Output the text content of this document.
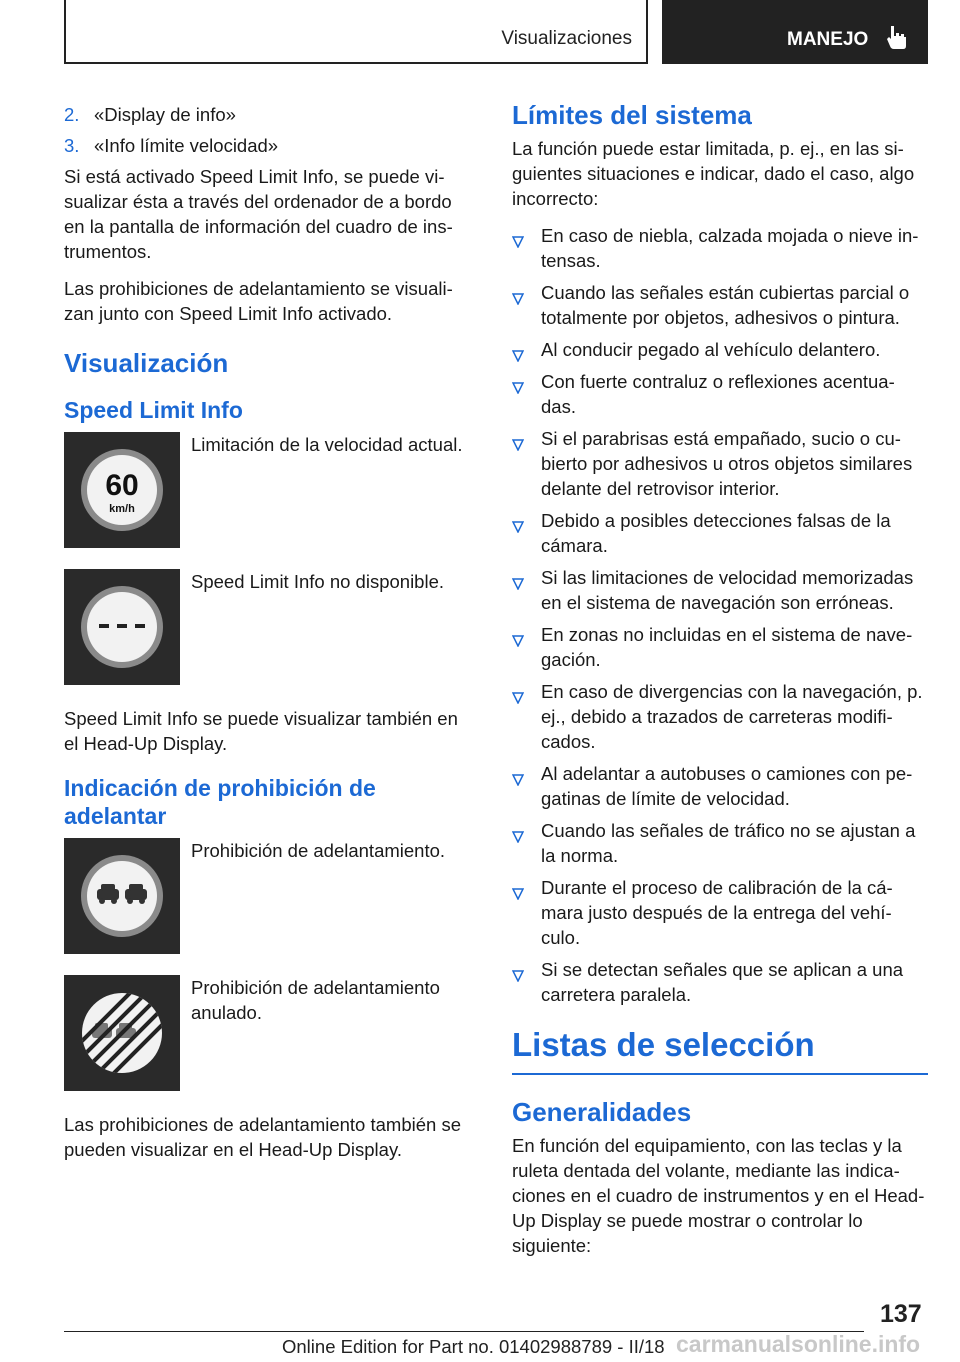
Visualizaciones	MANEJO
2. «Display de info»
3. «Info límite velocidad»

Si está activado Speed Limit Info, se puede vi-sualizar ésta a través del ordenador de a bordo en la pantalla de información del cuadro de ins-trumentos.

Las prohibiciones de adelantamiento se visuali-zan junto con Speed Limit Info activado.

Visualización
Speed Limit Info
60
km/h
Limitación de la velocidad actual.
Speed Limit Info no disponible.

Speed Limit Info se puede visualizar también en el Head-Up Display.

Indicación de prohibición de adelantar
Prohibición de adelantamiento.
Prohibición de adelantamiento anulado.

Las prohibiciones de adelantamiento también se pueden visualizar en el Head-Up Display.

Límites del sistema

La función puede estar limitada, p. ej., en las si-guientes situaciones e indicar, dado el caso, algo incorrecto:

En caso de niebla, calzada mojada o nieve in-tensas.
Cuando las señales están cubiertas parcial o totalmente por objetos, adhesivos o pintura.
Al conducir pegado al vehículo delantero.
Con fuerte contraluz o reflexiones acentua-das.
Si el parabrisas está empañado, sucio o cu-bierto por adhesivos u otros objetos similares delante del retrovisor interior.
Debido a posibles detecciones falsas de la cámara.
Si las limitaciones de velocidad memorizadas en el sistema de navegación son erróneas.
En zonas no incluidas en el sistema de nave-gación.
En caso de divergencias con la navegación, p. ej., debido a trazados de carreteras modifi-cados.
Al adelantar a autobuses o camiones con pe-gatinas de límite de velocidad.
Cuando las señales de tráfico no se ajustan a la norma.
Durante el proceso de calibración de la cá-mara justo después de la entrega del vehí-culo.
Si se detectan señales que se aplican a una carretera paralela.
Listas de selección
Generalidades

En función del equipamiento, con las teclas y la ruleta dentada del volante, mediante las indica-ciones en el cuadro de instrumentos y en el Head-Up Display se puede mostrar o controlar lo siguiente:

137
Online Edition for Part no. 01402988789 - II/18 carmanualsonline.info
